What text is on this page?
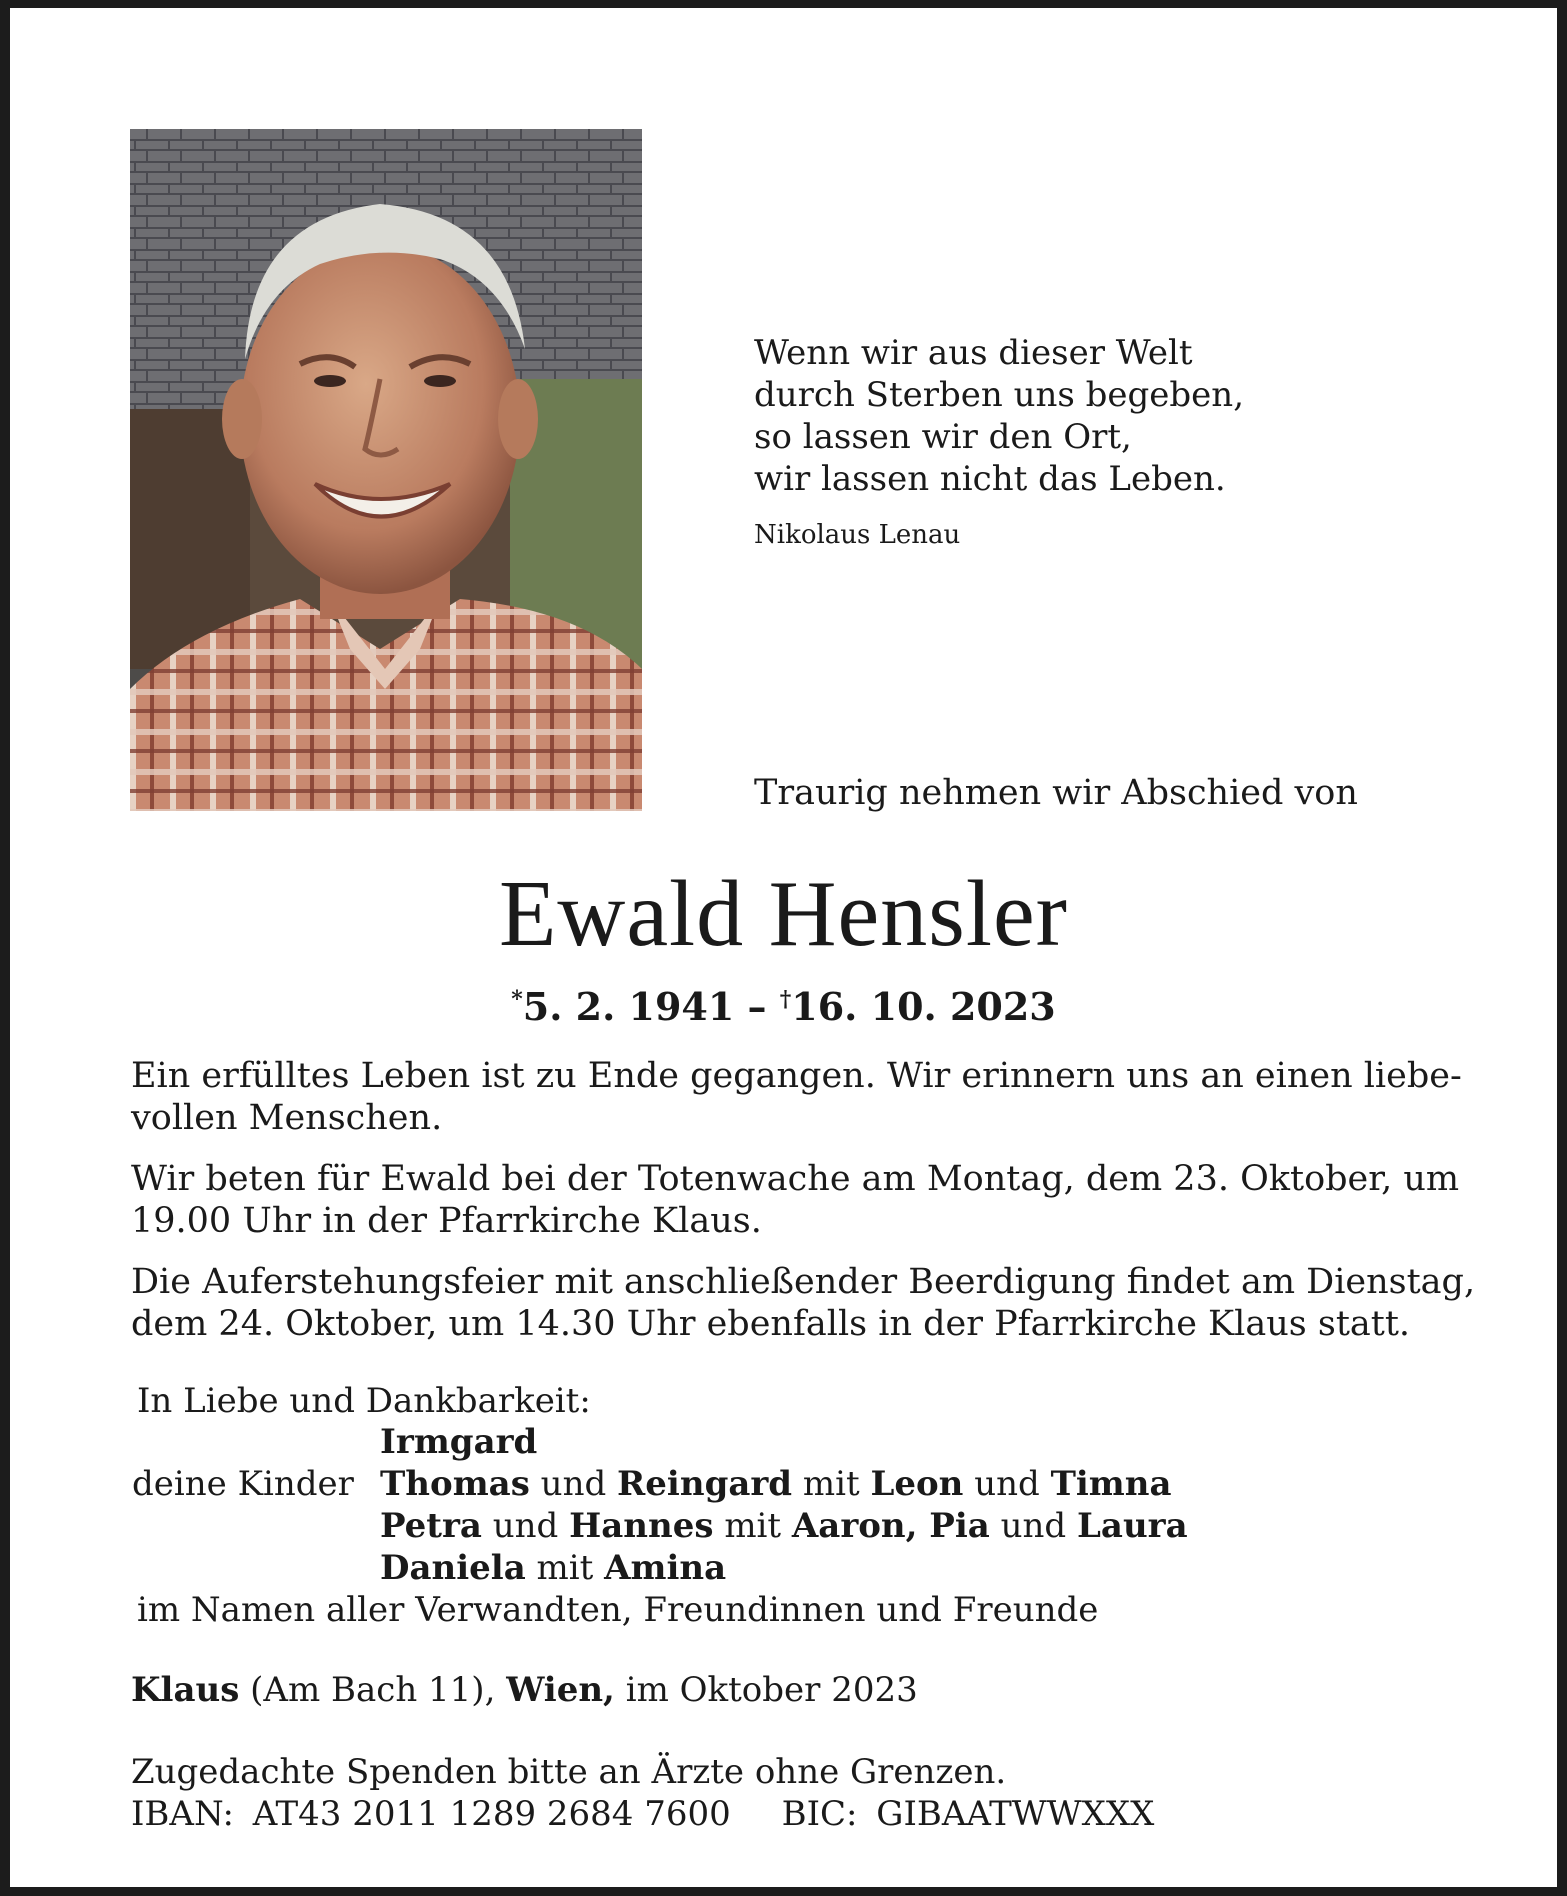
Wenn wir aus dieser Welt
durch Sterben uns begeben,
so lassen wir den Ort,
wir lassen nicht das Leben.
Nikolaus Lenau
Traurig nehmen wir Abschied von
Ewald Hensler
*5. 2. 1941 – †16. 10. 2023
Ein erfülltes Leben ist zu Ende gegangen. Wir erinnern uns an einen liebe-
vollen Menschen.
Wir beten für Ewald bei der Totenwache am Montag, dem 23. Oktober, um
19.00 Uhr in der Pfarrkirche Klaus.
Die Auferstehungsfeier mit anschließender Beerdigung findet am Dienstag,
dem 24. Oktober, um 14.30 Uhr ebenfalls in der Pfarrkirche Klaus statt.
In Liebe und Dankbarkeit:
Irmgard
deine Kinder Thomas und Reingard mit Leon und Timna
Petra und Hannes mit Aaron, Pia und Laura
Daniela mit Amina
im Namen aller Verwandten, Freundinnen und Freunde
Klaus (Am Bach 11), Wien, im Oktober 2023
Zugedachte Spenden bitte an Ärzte ohne Grenzen.
IBAN: AT43 2011 1289 2684 7600 BIC: GIBAATWWXXX
